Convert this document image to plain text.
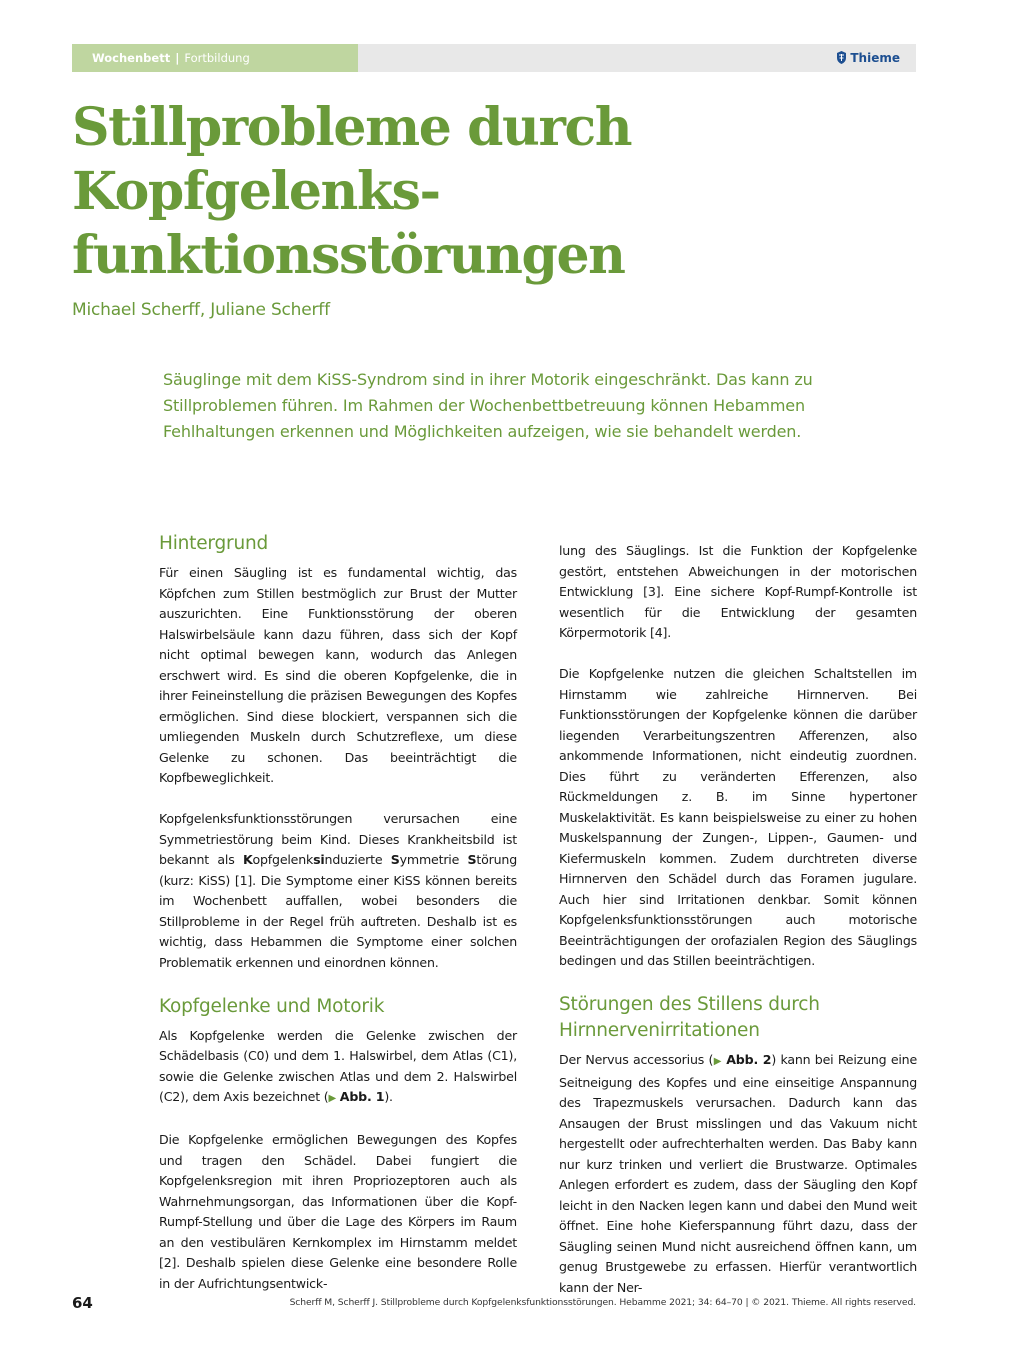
Wochenbett | Fortbildung	Thieme
Stillprobleme durch
Kopfgelenks-
funktionsstörungen
Michael Scherff, Juliane Scherff
Säuglinge mit dem KiSS-Syndrom sind in ihrer Motorik eingeschränkt. Das kann zu Stillproblemen führen. Im Rahmen der Wochenbettbetreuung können Hebammen Fehlhaltungen erkennen und Möglichkeiten aufzeigen, wie sie behandelt werden.
Hintergrund

Für einen Säugling ist es fundamental wichtig, das Köpfchen zum Stillen bestmöglich zur Brust der Mutter auszurichten. Eine Funktionsstörung der oberen Halswirbelsäule kann dazu führen, dass sich der Kopf nicht optimal bewegen kann, wodurch das Anlegen erschwert wird. Es sind die oberen Kopfgelenke, die in ihrer Feineinstellung die präzisen Bewegungen des Kopfes ermöglichen. Sind diese blockiert, verspannen sich die umliegenden Muskeln durch Schutzreflexe, um diese Gelenke zu schonen. Das beeinträchtigt die Kopfbeweglichkeit.

Kopfgelenksfunktionsstörungen verursachen eine Symmetriestörung beim Kind. Dieses Krankheitsbild ist bekannt als Kopfgelenksinduzierte Symmetrie Störung (kurz: KiSS) [1]. Die Symptome einer KiSS können bereits im Wochenbett auffallen, wobei besonders die Stillprobleme in der Regel früh auftreten. Deshalb ist es wichtig, dass Hebammen die Symptome einer solchen Problematik erkennen und einordnen können.

Kopfgelenke und Motorik

Als Kopfgelenke werden die Gelenke zwischen der Schädelbasis (C0) und dem 1. Halswirbel, dem Atlas (C1), sowie die Gelenke zwischen Atlas und dem 2. Halswirbel (C2), dem Axis bezeichnet (▶ Abb. 1).

Die Kopfgelenke ermöglichen Bewegungen des Kopfes und tragen den Schädel. Dabei fungiert die Kopfgelenksregion mit ihren Propriozeptoren auch als Wahrnehmungsorgan, das Informationen über die Kopf-Rumpf-Stellung und über die Lage des Körpers im Raum an den vestibulären Kernkomplex im Hirnstamm meldet [2]. Deshalb spielen diese Gelenke eine besondere Rolle in der Aufrichtungsentwick-

lung des Säuglings. Ist die Funktion der Kopfgelenke gestört, entstehen Abweichungen in der motorischen Entwicklung [3]. Eine sichere Kopf-Rumpf-Kontrolle ist wesentlich für die Entwicklung der gesamten Körpermotorik [4].

Die Kopfgelenke nutzen die gleichen Schaltstellen im Hirnstamm wie zahlreiche Hirnnerven. Bei Funktionsstörungen der Kopfgelenke können die darüber liegenden Verarbeitungszentren Afferenzen, also ankommende Informationen, nicht eindeutig zuordnen. Dies führt zu veränderten Efferenzen, also Rückmeldungen z. B. im Sinne hypertoner Muskelaktivität. Es kann beispielsweise zu einer zu hohen Muskelspannung der Zungen-, Lippen-, Gaumen- und Kiefermuskeln kommen. Zudem durchtreten diverse Hirnnerven den Schädel durch das Foramen jugulare. Auch hier sind Irritationen denkbar. Somit können Kopfgelenksfunktionsstörungen auch motorische Beeinträchtigungen der orofazialen Region des Säuglings bedingen und das Stillen beeinträchtigen.

Störungen des Stillens durch Hirnnervenirritationen

Der Nervus accessorius (▶ Abb. 2) kann bei Reizung eine Seitneigung des Kopfes und eine einseitige Anspannung des Trapezmuskels verursachen. Dadurch kann das Ansaugen der Brust misslingen und das Vakuum nicht hergestellt oder aufrechterhalten werden. Das Baby kann nur kurz trinken und verliert die Brustwarze. Optimales Anlegen erfordert es zudem, dass der Säugling den Kopf leicht in den Nacken legen kann und dabei den Mund weit öffnet. Eine hohe Kieferspannung führt dazu, dass der Säugling seinen Mund nicht ausreichend öffnen kann, um genug Brustgewebe zu erfassen. Hierfür verantwortlich kann der Ner-

64	Scherff M, Scherff J. Stillprobleme durch Kopfgelenksfunktionsstörungen. Hebamme 2021; 34: 64–70 | © 2021. Thieme. All rights reserved.
